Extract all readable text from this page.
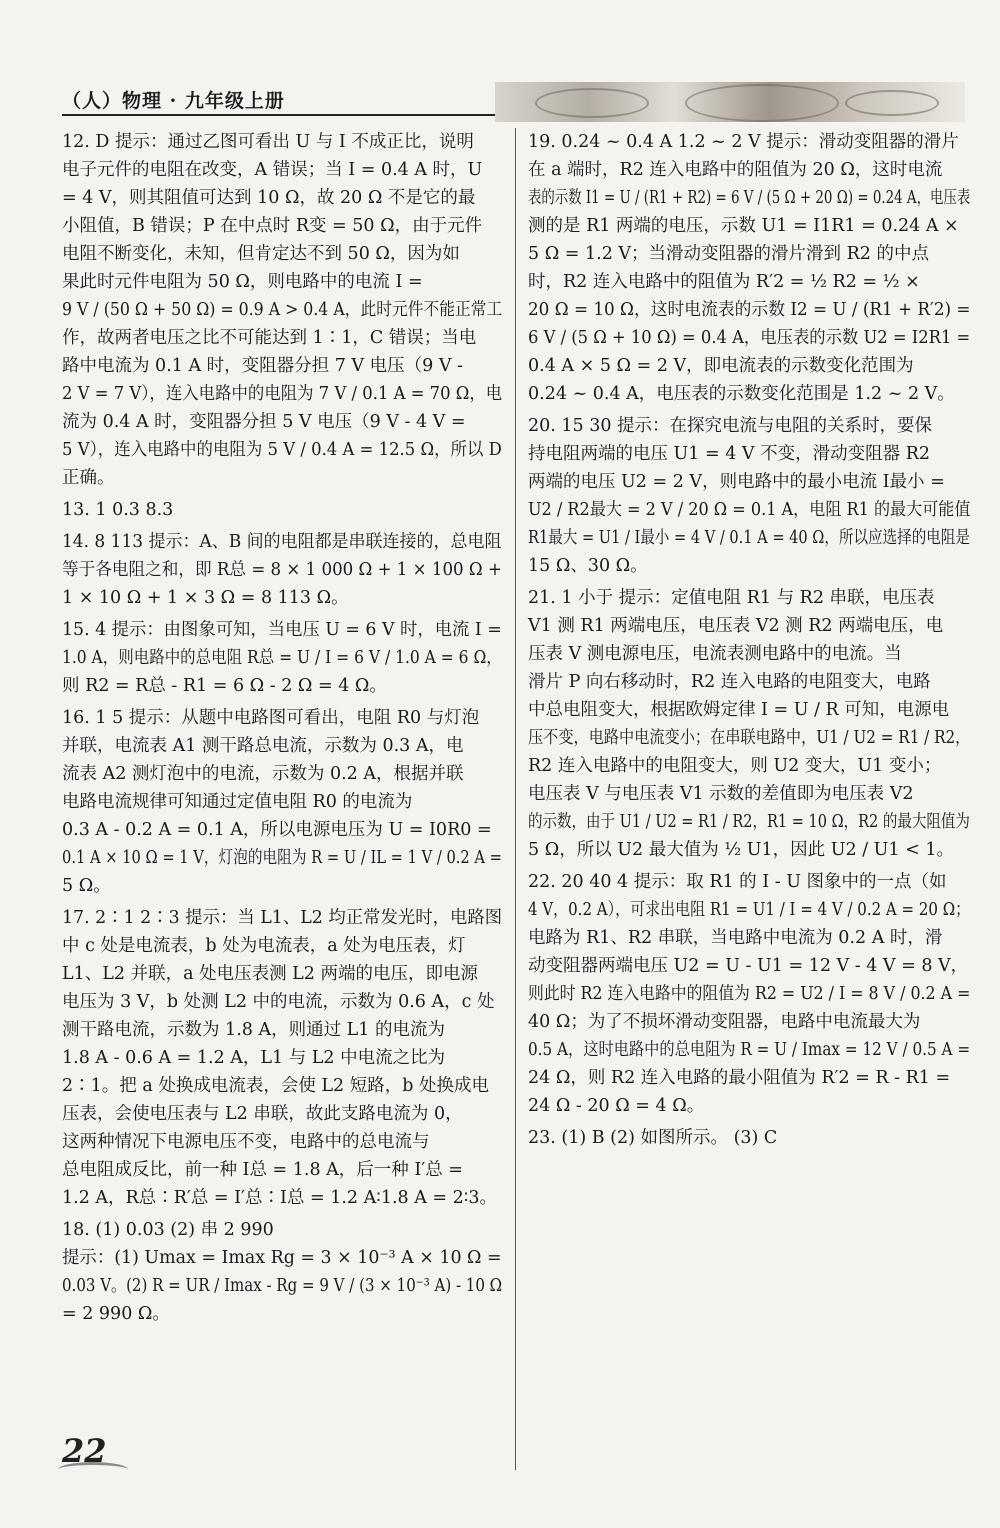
（人）物理 · 九年级上册
12. D 提示：通过乙图可看出 U 与 I 不成正比，说明
电子元件的电阻在改变，A 错误；当 I = 0.4 A 时，U
= 4 V，则其阻值可达到 10 Ω，故 20 Ω 不是它的最
小阻值，B 错误；P 在中点时 R变 = 50 Ω，由于元件
电阻不断变化，未知，但肯定达不到 50 Ω，因为如
果此时元件电阻为 50 Ω，则电路中的电流 I =
9 V / (50 Ω + 50 Ω) = 0.9 A > 0.4 A，此时元件不能正常工
作，故两者电压之比不可能达到 1∶1，C 错误；当电
路中电流为 0.1 A 时，变阻器分担 7 V 电压（9 V -
2 V = 7 V），连入电路中的电阻为 7 V / 0.1 A = 70 Ω，电
流为 0.4 A 时，变阻器分担 5 V 电压（9 V - 4 V =
5 V），连入电路中的电阻为 5 V / 0.4 A = 12.5 Ω，所以 D
正确。
13. 1 0.3 8.3
14. 8 113 提示：A、B 间的电阻都是串联连接的，总电阻
等于各电阻之和，即 R总 = 8 × 1 000 Ω + 1 × 100 Ω +
1 × 10 Ω + 1 × 3 Ω = 8 113 Ω。
15. 4 提示：由图象可知，当电压 U = 6 V 时，电流 I =
1.0 A，则电路中的总电阻 R总 = U / I = 6 V / 1.0 A = 6 Ω，
则 R2 = R总 - R1 = 6 Ω - 2 Ω = 4 Ω。
16. 1 5 提示：从题中电路图可看出，电阻 R0 与灯泡
并联，电流表 A1 测干路总电流，示数为 0.3 A，电
流表 A2 测灯泡中的电流，示数为 0.2 A，根据并联
电路电流规律可知通过定值电阻 R0 的电流为
0.3 A - 0.2 A = 0.1 A，所以电源电压为 U = I0R0 =
0.1 A × 10 Ω = 1 V，灯泡的电阻为 R = U / IL = 1 V / 0.2 A =
5 Ω。
17. 2∶1 2∶3 提示：当 L1、L2 均正常发光时，电路图
中 c 处是电流表，b 处为电流表，a 处为电压表，灯
L1、L2 并联，a 处电压表测 L2 两端的电压，即电源
电压为 3 V，b 处测 L2 中的电流，示数为 0.6 A，c 处
测干路电流，示数为 1.8 A，则通过 L1 的电流为
1.8 A - 0.6 A = 1.2 A，L1 与 L2 中电流之比为
2∶1。把 a 处换成电流表，会使 L2 短路，b 处换成电
压表，会使电压表与 L2 串联，故此支路电流为 0，
这两种情况下电源电压不变，电路中的总电流与
总电阻成反比，前一种 I总 = 1.8 A，后一种 I′总 =
1.2 A，R总∶R′总 = I′总∶I总 = 1.2 A∶1.8 A = 2∶3。
18. (1) 0.03 (2) 串 2 990
提示：(1) Umax = Imax Rg = 3 × 10⁻³ A × 10 Ω =
0.03 V。(2) R = UR / Imax - Rg = 9 V / (3 × 10⁻³ A) - 10 Ω
= 2 990 Ω。
19. 0.24 ~ 0.4 A 1.2 ~ 2 V 提示：滑动变阻器的滑片
在 a 端时，R2 连入电路中的阻值为 20 Ω，这时电流
表的示数 I1 = U / (R1 + R2) = 6 V / (5 Ω + 20 Ω) = 0.24 A，电压表
测的是 R1 两端的电压，示数 U1 = I1R1 = 0.24 A ×
5 Ω = 1.2 V；当滑动变阻器的滑片滑到 R2 的中点
时，R2 连入电路中的阻值为 R′2 = ½ R2 = ½ ×
20 Ω = 10 Ω，这时电流表的示数 I2 = U / (R1 + R′2) =
6 V / (5 Ω + 10 Ω) = 0.4 A，电压表的示数 U2 = I2R1 =
0.4 A × 5 Ω = 2 V，即电流表的示数变化范围为
0.24 ~ 0.4 A，电压表的示数变化范围是 1.2 ~ 2 V。
20. 15 30 提示：在探究电流与电阻的关系时，要保
持电阻两端的电压 U1 = 4 V 不变，滑动变阻器 R2
两端的电压 U2 = 2 V，则电路中的最小电流 I最小 =
U2 / R2最大 = 2 V / 20 Ω = 0.1 A，电阻 R1 的最大可能值
R1最大 = U1 / I最小 = 4 V / 0.1 A = 40 Ω，所以应选择的电阻是
15 Ω、30 Ω。
21. 1 小于 提示：定值电阻 R1 与 R2 串联，电压表
V1 测 R1 两端电压，电压表 V2 测 R2 两端电压，电
压表 V 测电源电压，电流表测电路中的电流。当
滑片 P 向右移动时，R2 连入电路的电阻变大，电路
中总电阻变大，根据欧姆定律 I = U / R 可知，电源电
压不变，电路中电流变小；在串联电路中，U1 / U2 = R1 / R2，
R2 连入电路中的电阻变大，则 U2 变大，U1 变小；
电压表 V 与电压表 V1 示数的差值即为电压表 V2
的示数，由于 U1 / U2 = R1 / R2，R1 = 10 Ω，R2 的最大阻值为
5 Ω，所以 U2 最大值为 ½ U1，因此 U2 / U1 < 1。
22. 20 40 4 提示：取 R1 的 I - U 图象中的一点（如
4 V，0.2 A），可求出电阻 R1 = U1 / I = 4 V / 0.2 A = 20 Ω；
电路为 R1、R2 串联，当电路中电流为 0.2 A 时，滑
动变阻器两端电压 U2 = U - U1 = 12 V - 4 V = 8 V，
则此时 R2 连入电路中的阻值为 R2 = U2 / I = 8 V / 0.2 A =
40 Ω；为了不损坏滑动变阻器，电路中电流最大为
0.5 A，这时电路中的总电阻为 R = U / Imax = 12 V / 0.5 A =
24 Ω，则 R2 连入电路的最小阻值为 R′2 = R - R1 =
24 Ω - 20 Ω = 4 Ω。
23. (1) B (2) 如图所示。 (3) C
22
